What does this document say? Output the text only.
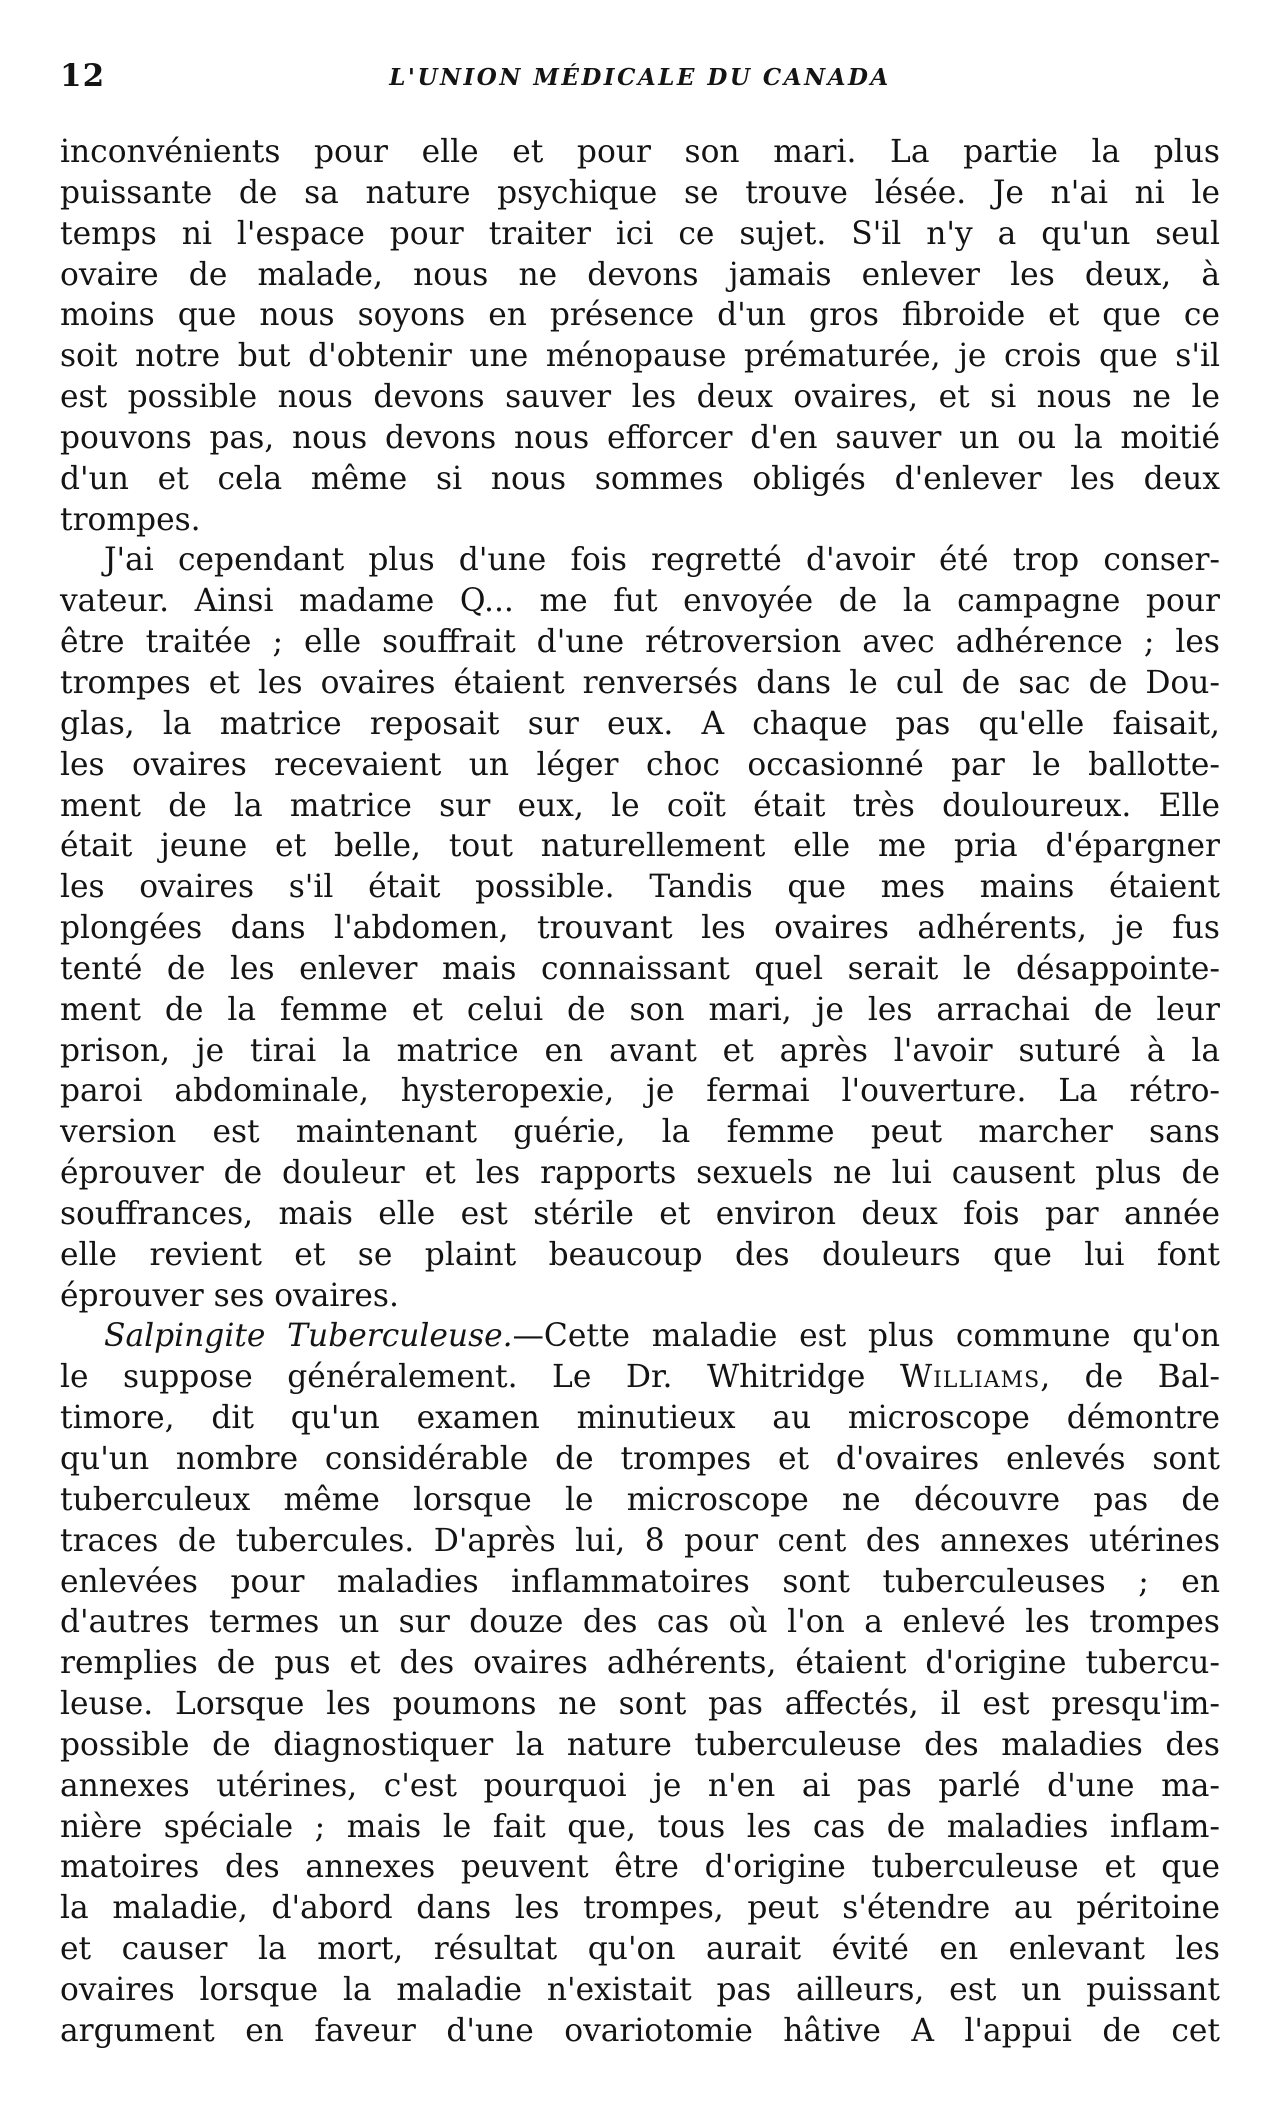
12	L'UNION MÉDICALE DU CANADA
inconvénients pour elle et pour son mari. La partie la plus
puissante de sa nature psychique se trouve lésée. Je n'ai ni le
temps ni l'espace pour traiter ici ce sujet. S'il n'y a qu'un seul
ovaire de malade, nous ne devons jamais enlever les deux, à
moins que nous soyons en présence d'un gros fibroide et que ce
soit notre but d'obtenir une ménopause prématurée, je crois que s'il
est possible nous devons sauver les deux ovaires, et si nous ne le
pouvons pas, nous devons nous efforcer d'en sauver un ou la moitié
d'un et cela même si nous sommes obligés d'enlever les deux
trompes.
J'ai cependant plus d'une fois regretté d'avoir été trop conser-
vateur. Ainsi madame Q... me fut envoyée de la campagne pour
être traitée ; elle souffrait d'une rétroversion avec adhérence ; les
trompes et les ovaires étaient renversés dans le cul de sac de Dou-
glas, la matrice reposait sur eux. A chaque pas qu'elle faisait,
les ovaires recevaient un léger choc occasionné par le ballotte-
ment de la matrice sur eux, le coït était très douloureux. Elle
était jeune et belle, tout naturellement elle me pria d'épargner
les ovaires s'il était possible. Tandis que mes mains étaient
plongées dans l'abdomen, trouvant les ovaires adhérents, je fus
tenté de les enlever mais connaissant quel serait le désappointe-
ment de la femme et celui de son mari, je les arrachai de leur
prison, je tirai la matrice en avant et après l'avoir suturé à la
paroi abdominale, hysteropexie, je fermai l'ouverture. La rétro-
version est maintenant guérie, la femme peut marcher sans
éprouver de douleur et les rapports sexuels ne lui causent plus de
souffrances, mais elle est stérile et environ deux fois par année
elle revient et se plaint beaucoup des douleurs que lui font
éprouver ses ovaires.
Salpingite Tuberculeuse.—Cette maladie est plus commune qu'on
le suppose généralement. Le Dr. Whitridge Williams, de Bal-
timore, dit qu'un examen minutieux au microscope démontre
qu'un nombre considérable de trompes et d'ovaires enlevés sont
tuberculeux même lorsque le microscope ne découvre pas de
traces de tubercules. D'après lui, 8 pour cent des annexes utérines
enlevées pour maladies inflammatoires sont tuberculeuses ; en
d'autres termes un sur douze des cas où l'on a enlevé les trompes
remplies de pus et des ovaires adhérents, étaient d'origine tubercu-
leuse. Lorsque les poumons ne sont pas affectés, il est presqu'im-
possible de diagnostiquer la nature tuberculeuse des maladies des
annexes utérines, c'est pourquoi je n'en ai pas parlé d'une ma-
nière spéciale ; mais le fait que, tous les cas de maladies inflam-
matoires des annexes peuvent être d'origine tuberculeuse et que
la maladie, d'abord dans les trompes, peut s'étendre au péritoine
et causer la mort, résultat qu'on aurait évité en enlevant les
ovaires lorsque la maladie n'existait pas ailleurs, est un puissant
argument en faveur d'une ovariotomie hâtive A l'appui de cet
